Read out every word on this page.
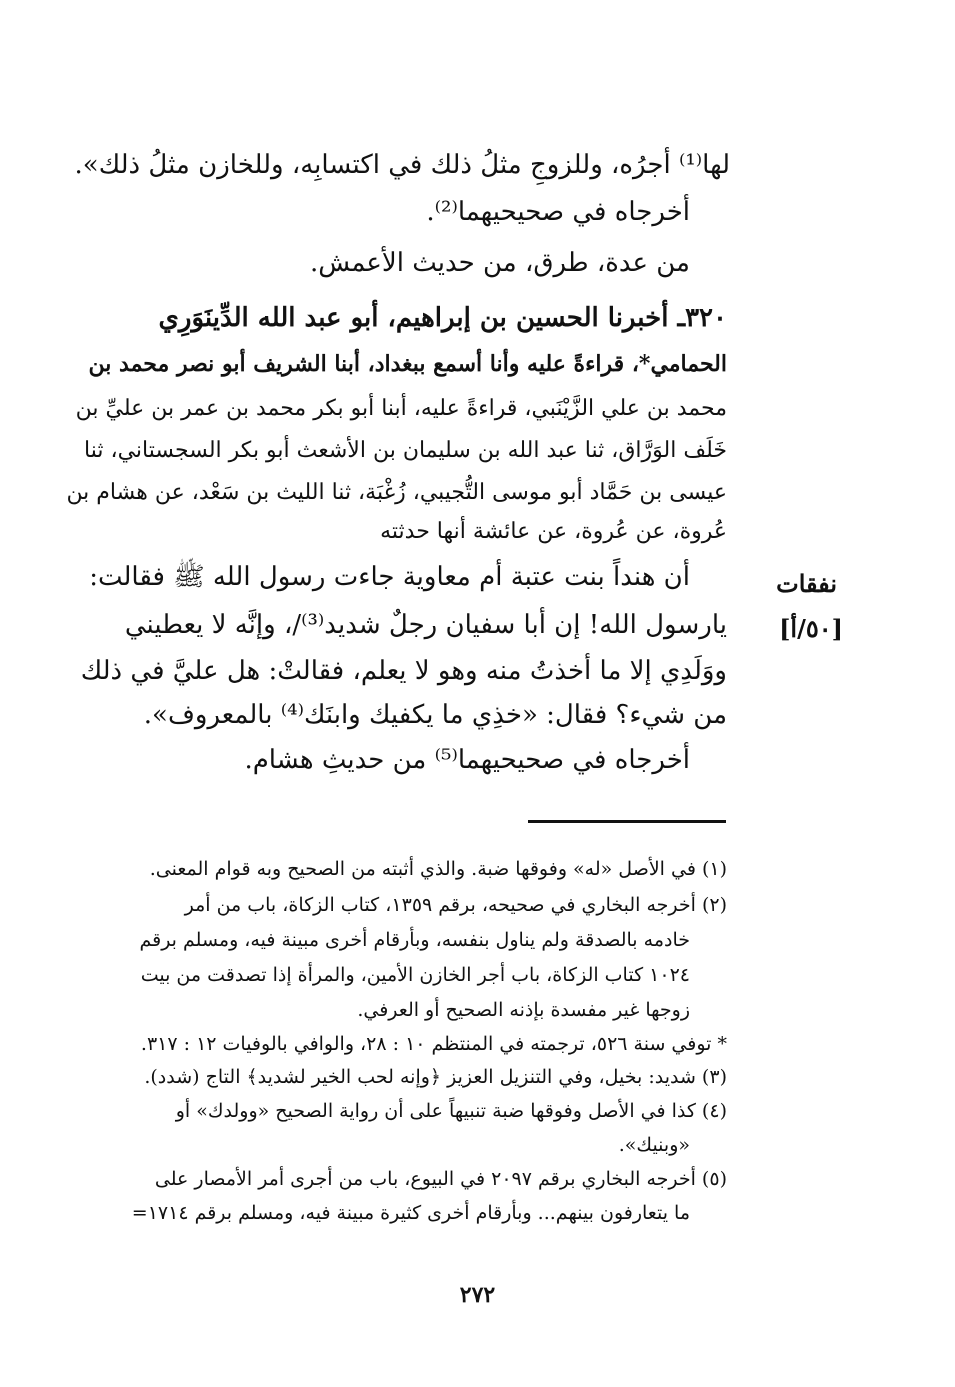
لها⁽¹⁾ أجرُه، وللزوجِ مثلُ ذلك في اكتسابِه، وللخازن مثلُ ذلك».
أخرجاه في صحيحيهما⁽²⁾.
من عدة، طرق، من حديث الأعمش.
٣٢٠ـ أخبرنا الحسين بن إبراهيم، أبو عبد الله الدِّينَوَرِي
الحمامي*، قراءةً عليه وأنا أسمع ببغداد، أبنا الشريف أبو نصر محمد بن
محمد بن علي الزَّيْنَبي، قراءةً عليه، أبنا أبو بكر محمد بن عمر بن عليِّ بن
خَلَف الوَرَّاق، ثنا عبد الله بن سليمان بن الأشعث أبو بكر السجستاني، ثنا
عيسى بن حَمَّاد أبو موسى التُّجيبي، زُغْبَة، ثنا الليث بن سَعْد، عن هشام بن
عُروة، عن عُروة، عن عائشة أنها حدثته
أن هنداً بنت عتبة أم معاوية جاءت رسول الله ﷺ فقالت:
يارسول الله! إن أبا سفيان رجلٌ شديد⁽³⁾/، وإنَّه لا يعطيني
ووَلَدِي إلا ما أخذتُ منه وهو لا يعلم، فقالتْ: هل عليَّ في ذلك
من شيء؟ فقال: «خذِي ما يكفيك وابنَك⁽⁴⁾ بالمعروف».
أخرجاه في صحيحيهما⁽⁵⁾ من حديثِ هشام.
نفقات
[٥٠/أ]
(١) في الأصل «له» وفوقها ضبة. والذي أثبته من الصحيح وبه قوام المعنى.
(٢) أخرجه البخاري في صحيحه، برقم ١٣٥٩، كتاب الزكاة، باب من أمر
خادمه بالصدقة ولم يناول بنفسه، وبأرقام أخرى مبينة فيه، ومسلم برقم
١٠٢٤ كتاب الزكاة، باب أجر الخازن الأمين، والمرأة إذا تصدقت من بيت
زوجها غير مفسدة بإذنه الصحيح أو العرفي.
* توفي سنة ٥٢٦، ترجمته في المنتظم ١٠ : ٢٨، والوافي بالوفيات ١٢ : ٣١٧.
(٣) شديد: بخيل، وفي التنزيل العزيز ﴿وإنه لحب الخير لشديد﴾ التاج (شدد).
(٤) كذا في الأصل وفوقها ضبة تنبيهاً على أن رواية الصحيح «وولدك» أو
«وبنيك».
(٥) أخرجه البخاري برقم ٢٠٩٧ في البيوع، باب من أجرى أمر الأمصار على
ما يتعارفون بينهم... وبأرقام أخرى كثيرة مبينة فيه، ومسلم برقم ١٧١٤=
٢٧٢
